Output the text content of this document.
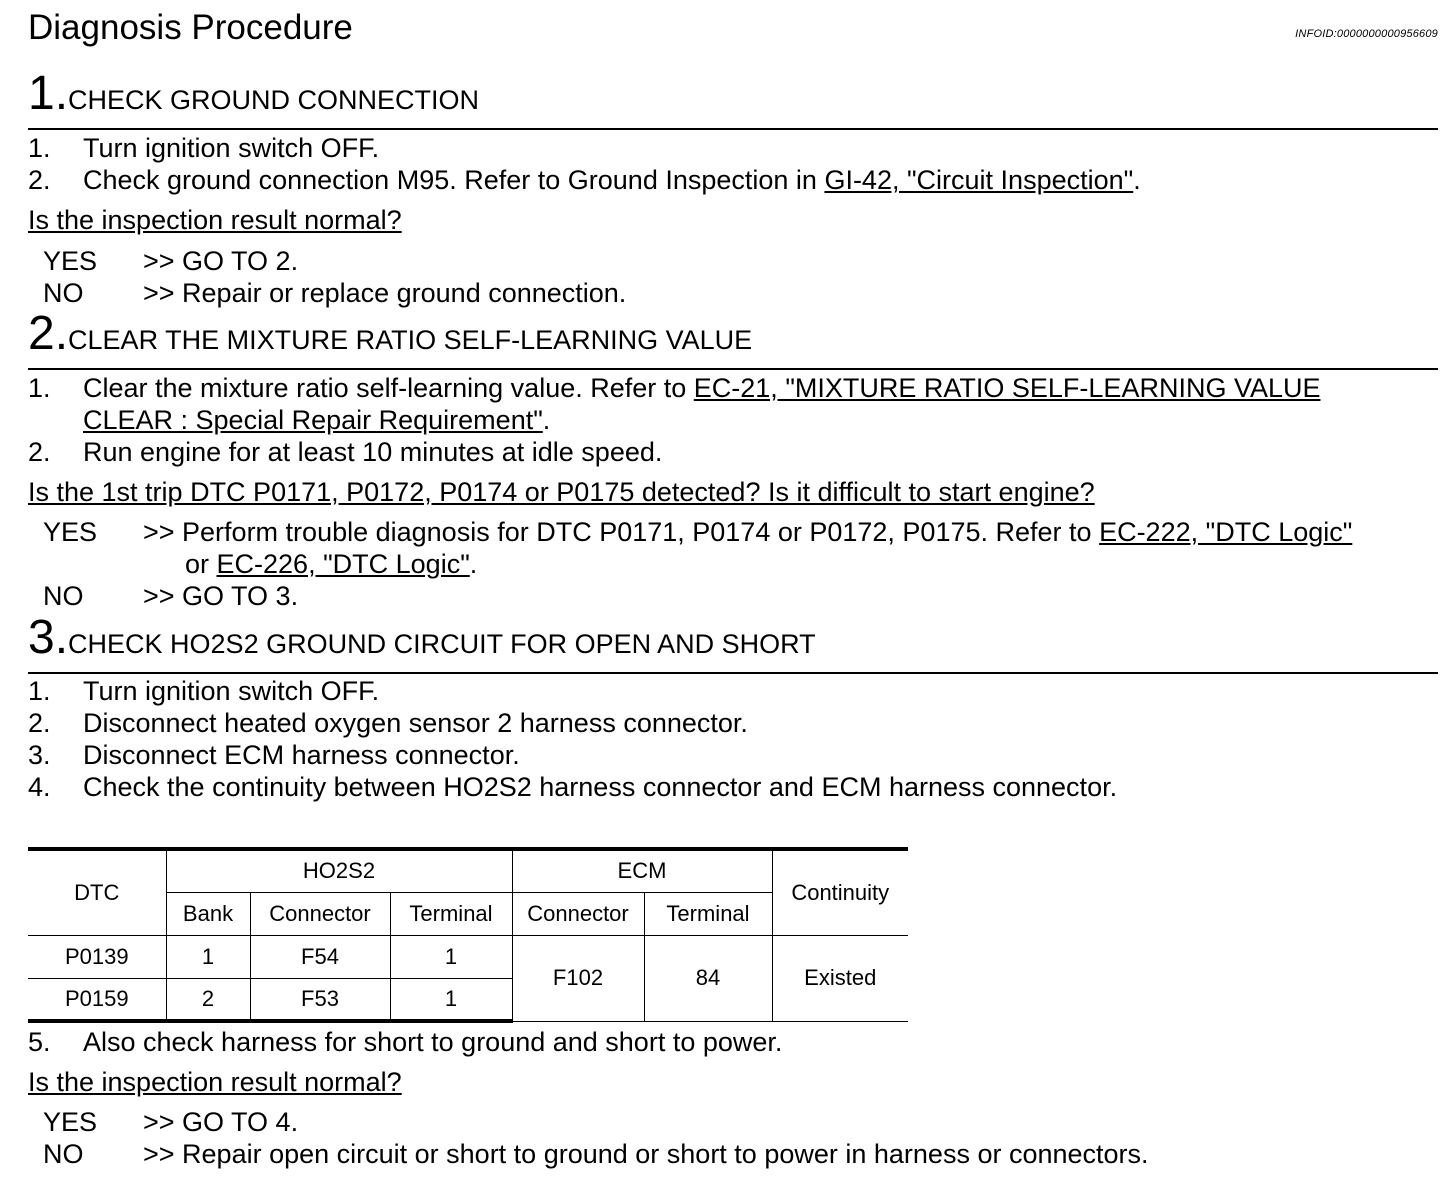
Diagnosis Procedure	INFOID:0000000000956609
1.CHECK GROUND CONNECTION
1. Turn ignition switch OFF.
2. Check ground connection M95. Refer to Ground Inspection in GI-42, "Circuit Inspection".
Is the inspection result normal?
YES >> GO TO 2.
NO >> Repair or replace ground connection.
2.CLEAR THE MIXTURE RATIO SELF-LEARNING VALUE
1. Clear the mixture ratio self-learning value. Refer to EC-21, "MIXTURE RATIO SELF-LEARNING VALUE
CLEAR : Special Repair Requirement".
2. Run engine for at least 10 minutes at idle speed.
Is the 1st trip DTC P0171, P0172, P0174 or P0175 detected? Is it difficult to start engine?
YES >> Perform trouble diagnosis for DTC P0171, P0174 or P0172, P0175. Refer to EC-222, "DTC Logic"
or EC-226, "DTC Logic".
NO >> GO TO 3.
3.CHECK HO2S2 GROUND CIRCUIT FOR OPEN AND SHORT
1. Turn ignition switch OFF.
2. Disconnect heated oxygen sensor 2 harness connector.
3. Disconnect ECM harness connector.
4. Check the continuity between HO2S2 harness connector and ECM harness connector.
DTC	HO2S2			ECM		Continuity
	Bank	Connector	Terminal	Connector	Terminal	
P0139	1	F54	1	F102	84	Existed
P0159	2	F53	1			
5. Also check harness for short to ground and short to power.
Is the inspection result normal?
YES >> GO TO 4.
NO >> Repair open circuit or short to ground or short to power in harness or connectors.
